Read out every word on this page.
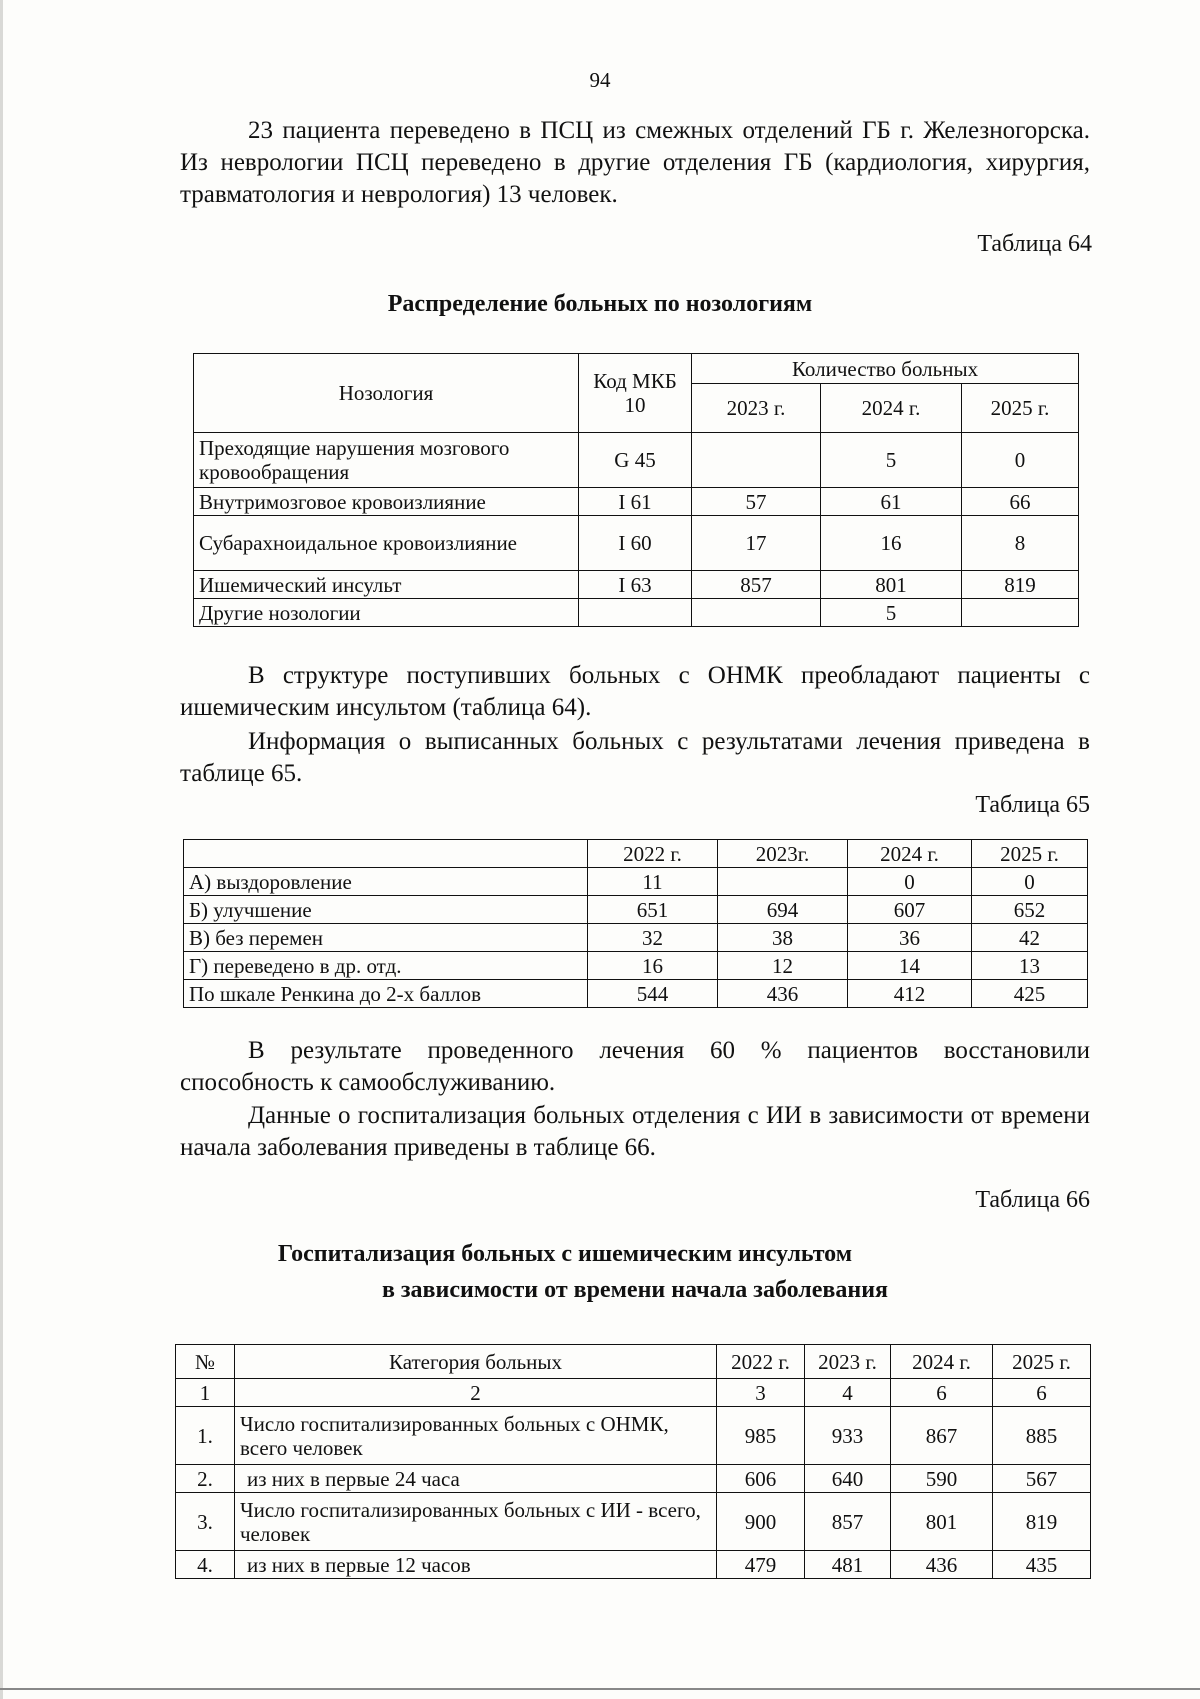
94

23 пациента переведено в ПСЦ из смежных отделений ГБ г. Железногорска. Из неврологии ПСЦ переведено в другие отделения ГБ (кардиология, хирургия, травматология и неврология) 13 человек.

Таблица 64

Распределение больных по нозологиям

Нозология	Код МКБ 10	Количество больных		
		2023 г.	2024 г.	2025 г.
Преходящие нарушения мозгового кровообращения	G 45		5	0
Внутримозговое кровоизлияние	I 61	57	61	66
Субарахноидальное кровоизлияние	I 60	17	16	8
Ишемический инсульт	I 63	857	801	819
Другие нозологии			5	

В структуре поступивших больных с ОНМК преобладают пациенты с ишемическим инсультом (таблица 64).

Информация о выписанных больных с результатами лечения приведена в таблице 65.

Таблица 65
	2022 г.	2023г.	2024 г.	2025 г.
А) выздоровление	11		0	0
Б) улучшение	651	694	607	652
В) без перемен	32	38	36	42
Г) переведено в др. отд.	16	12	14	13
По шкале Ренкина до 2-х баллов	544	436	412	425

В результате проведенного лечения 60 % пациентов восстановили способность к самообслуживанию.

Данные о госпитализация больных отделения с ИИ в зависимости от времени начала заболевания приведены в таблице 66.

Таблица 66

Госпитализация больных с ишемическим инсультом

в зависимости от времени начала заболевания

№	Категория больных	2022 г.	2023 г.	2024 г.	2025 г.
1	2	3	4	6	6
1.	Число госпитализированных больных с ОНМК, всего человек	985	933	867	885
2.	из них в первые 24 часа	606	640	590	567
3.	Число госпитализированных больных с ИИ - всего, человек	900	857	801	819
4.	из них в первые 12 часов	479	481	436	435
